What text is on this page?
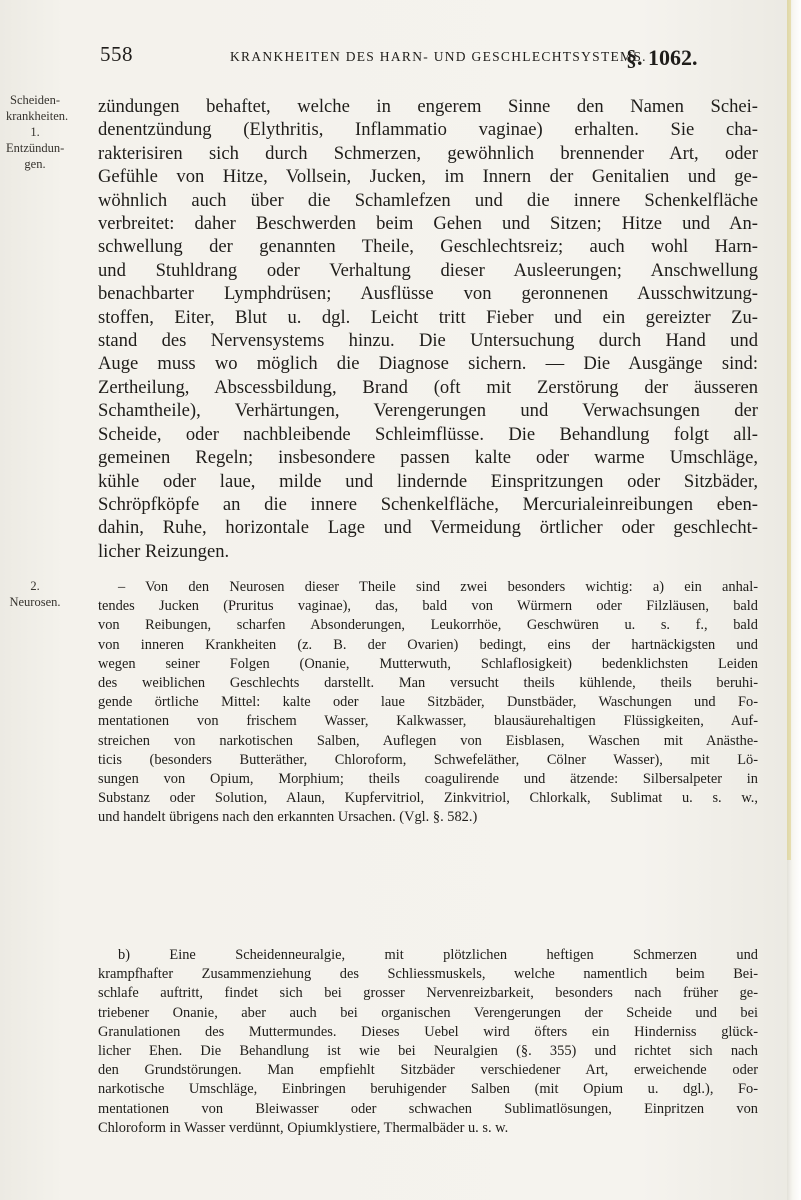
558	KRANKHEITEN DES HARN- UND GESCHLECHTSYSTEMS.
§. 1062.
Scheiden-
krankheiten.
1.
Entzündun-
gen.
2.
Neurosen.
zündungen behaftet, welche in engerem Sinne den Namen Schei-
denentzündung (Elythritis, Inflammatio vaginae) erhalten. Sie cha-
rakterisiren sich durch Schmerzen, gewöhnlich brennender Art, oder
Gefühle von Hitze, Vollsein, Jucken, im Innern der Genitalien und ge-
wöhnlich auch über die Schamlefzen und die innere Schenkelfläche
verbreitet: daher Beschwerden beim Gehen und Sitzen; Hitze und An-
schwellung der genannten Theile, Geschlechtsreiz; auch wohl Harn-
und Stuhldrang oder Verhaltung dieser Ausleerungen; Anschwellung
benachbarter Lymphdrüsen; Ausflüsse von geronnenen Ausschwitzung-
stoffen, Eiter, Blut u. dgl. Leicht tritt Fieber und ein gereizter Zu-
stand des Nervensystems hinzu. Die Untersuchung durch Hand und
Auge muss wo möglich die Diagnose sichern. — Die Ausgänge sind:
Zertheilung, Abscessbildung, Brand (oft mit Zerstörung der äusseren
Schamtheile), Verhärtungen, Verengerungen und Verwachsungen der
Scheide, oder nachbleibende Schleimflüsse. Die Behandlung folgt all-
gemeinen Regeln; insbesondere passen kalte oder warme Umschläge,
kühle oder laue, milde und lindernde Einspritzungen oder Sitzbäder,
Schröpfköpfe an die innere Schenkelfläche, Mercurialeinreibungen eben-
dahin, Ruhe, horizontale Lage und Vermeidung örtlicher oder geschlecht-
licher Reizungen.
– Von den Neurosen dieser Theile sind zwei besonders wichtig: a) ein anhal-
tendes Jucken (Pruritus vaginae), das, bald von Würmern oder Filzläusen, bald
von Reibungen, scharfen Absonderungen, Leukorrhöe, Geschwüren u. s. f., bald
von inneren Krankheiten (z. B. der Ovarien) bedingt, eins der hartnäckigsten und
wegen seiner Folgen (Onanie, Mutterwuth, Schlaflosigkeit) bedenklichsten Leiden
des weiblichen Geschlechts darstellt. Man versucht theils kühlende, theils beruhi-
gende örtliche Mittel: kalte oder laue Sitzbäder, Dunstbäder, Waschungen und Fo-
mentationen von frischem Wasser, Kalkwasser, blausäurehaltigen Flüssigkeiten, Auf-
streichen von narkotischen Salben, Auflegen von Eisblasen, Waschen mit Anästhe-
ticis (besonders Butteräther, Chloroform, Schwefeläther, Cölner Wasser), mit Lö-
sungen von Opium, Morphium; theils coagulirende und ätzende: Silbersalpeter in
Substanz oder Solution, Alaun, Kupfervitriol, Zinkvitriol, Chlorkalk, Sublimat u. s. w.,
und handelt übrigens nach den erkannten Ursachen. (Vgl. §. 582.)
b) Eine Scheidenneuralgie, mit plötzlichen heftigen Schmerzen und
krampfhafter Zusammenziehung des Schliessmuskels, welche namentlich beim Bei-
schlafe auftritt, findet sich bei grosser Nervenreizbarkeit, besonders nach früher ge-
triebener Onanie, aber auch bei organischen Verengerungen der Scheide und bei
Granulationen des Muttermundes. Dieses Uebel wird öfters ein Hinderniss glück-
licher Ehen. Die Behandlung ist wie bei Neuralgien (§. 355) und richtet sich nach
den Grundstörungen. Man empfiehlt Sitzbäder verschiedener Art, erweichende oder
narkotische Umschläge, Einbringen beruhigender Salben (mit Opium u. dgl.), Fo-
mentationen von Bleiwasser oder schwachen Sublimatlösungen, Einpritzen von
Chloroform in Wasser verdünnt, Opiumklystiere, Thermalbäder u. s. w.
